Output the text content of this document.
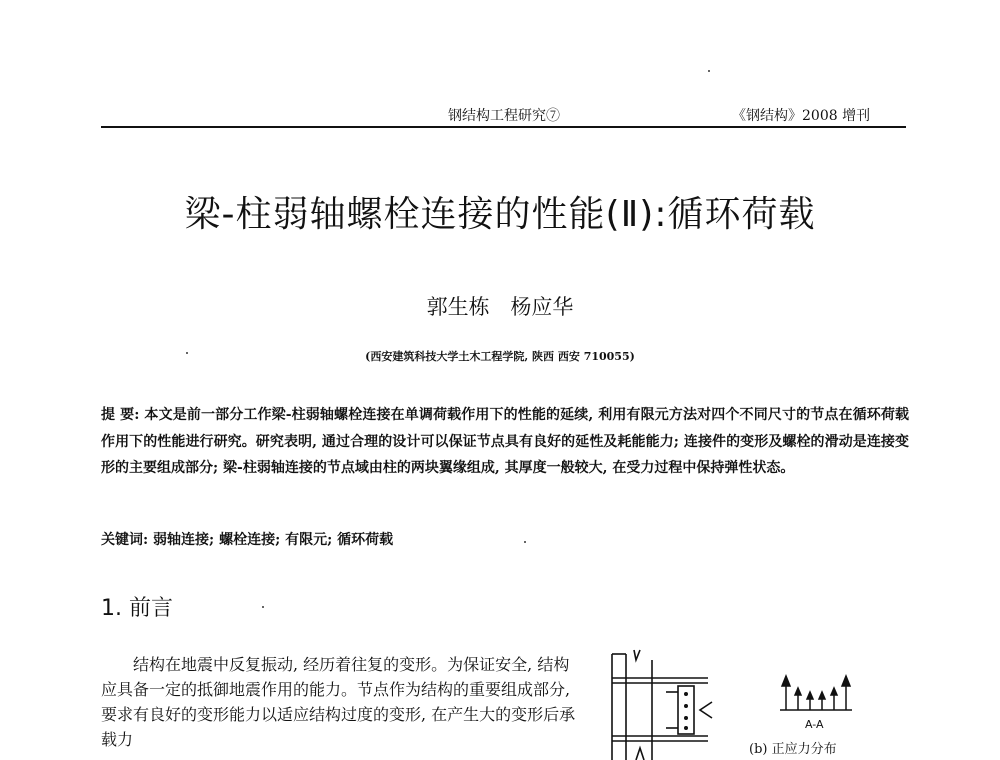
钢结构工程研究⑦	《钢结构》2008 增刊
梁-柱弱轴螺栓连接的性能(Ⅱ):循环荷载
郭生栋 杨应华
(西安建筑科技大学土木工程学院, 陕西 西安 710055)
提 要: 本文是前一部分工作梁-柱弱轴螺栓连接在单调荷载作用下的性能的延续, 利用有限元方法对四个不同尺寸的节点在循环荷载作用下的性能进行研究。研究表明, 通过合理的设计可以保证节点具有良好的延性及耗能能力; 连接件的变形及螺栓的滑动是连接变形的主要组成部分; 梁-柱弱轴连接的节点域由柱的两块翼缘组成, 其厚度一般较大, 在受力过程中保持弹性状态。
关键词: 弱轴连接; 螺栓连接; 有限元; 循环荷载
1. 前言

结构在地震中反复振动, 经历着往复的变形。为保证安全, 结构应具备一定的抵御地震作用的能力。节点作为结构的重要组成部分, 要求有良好的变形能力以适应结构过度的变形, 在产生大的变形后承载力

A-A
(b) 正应力分布
